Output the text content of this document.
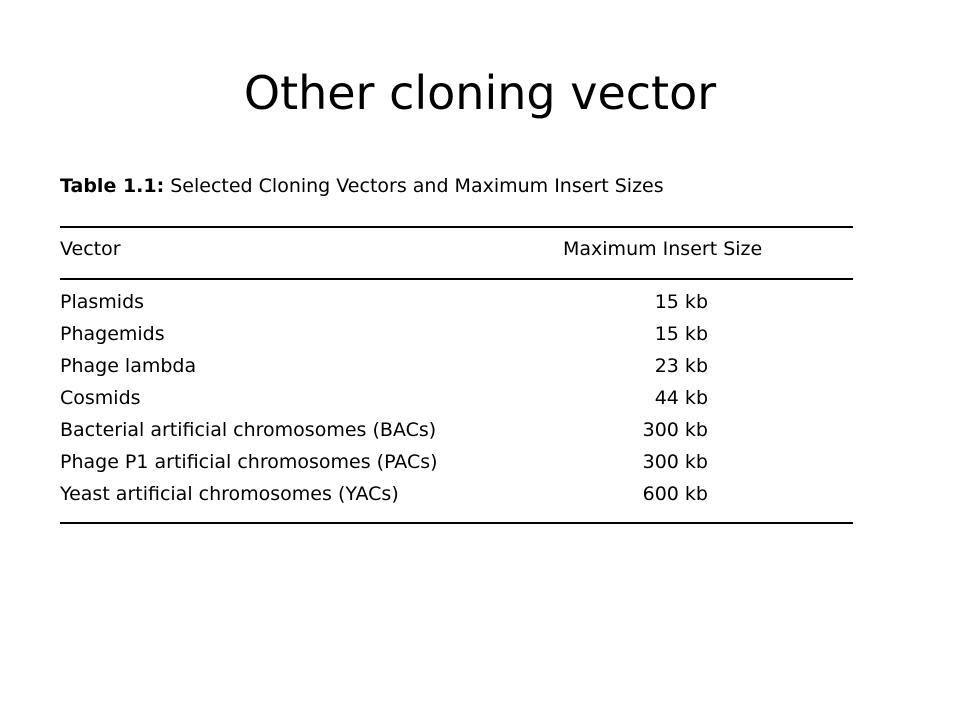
Other cloning vector
Table 1.1: Selected Cloning Vectors and Maximum Insert Sizes
Vector	Maximum Insert Size
Plasmids	15 kb
Phagemids	15 kb
Phage lambda	23 kb
Cosmids	44 kb
Bacterial artificial chromosomes (BACs)	300 kb
Phage P1 artificial chromosomes (PACs)	300 kb
Yeast artificial chromosomes (YACs)	600 kb
